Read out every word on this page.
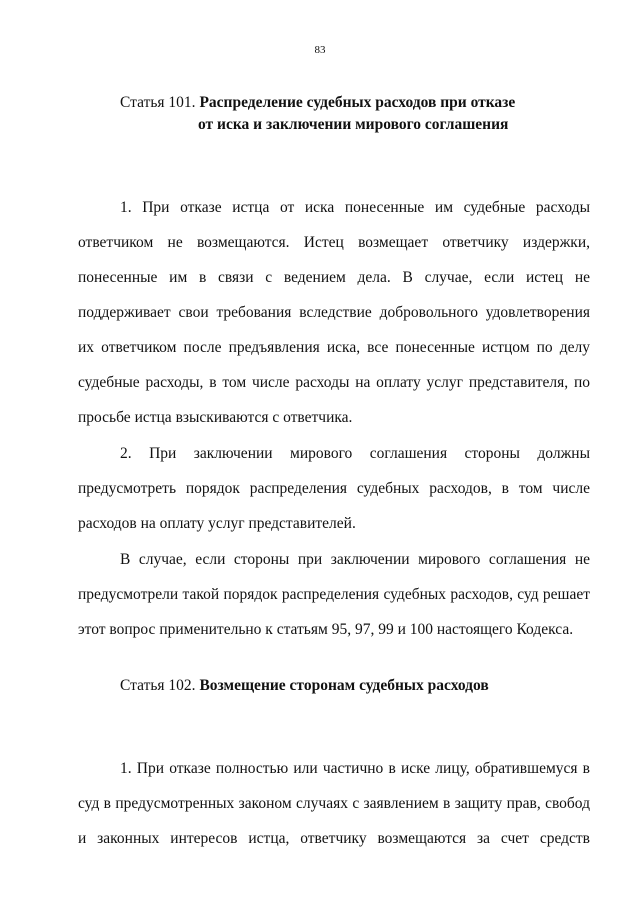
83
Статья 101. Распределение судебных расходов при отказе
от иска и заключении мирового соглашения

1. При отказе истца от иска понесенные им судебные расходы ответчиком не возмещаются. Истец возмещает ответчику издержки, понесенные им в связи с ведением дела. В случае, если истец не поддерживает свои требования вследствие добровольного удовлетворения их ответчиком после предъявления иска, все понесенные истцом по делу судебные расходы, в том числе расходы на оплату услуг представителя, по просьбе истца взыскиваются с ответчика.

2. При заключении мирового соглашения стороны должны предусмотреть порядок распределения судебных расходов, в том числе расходов на оплату услуг представителей.

В случае, если стороны при заключении мирового соглашения не предусмотрели такой порядок распределения судебных расходов, суд решает этот вопрос применительно к статьям 95, 97, 99 и 100 настоящего Кодекса.

Статья 102. Возмещение сторонам судебных расходов

1. При отказе полностью или частично в иске лицу, обратившемуся в суд в предусмотренных законом случаях с заявлением в защиту прав, свобод и законных интересов истца, ответчику возмещаются за счет средств
